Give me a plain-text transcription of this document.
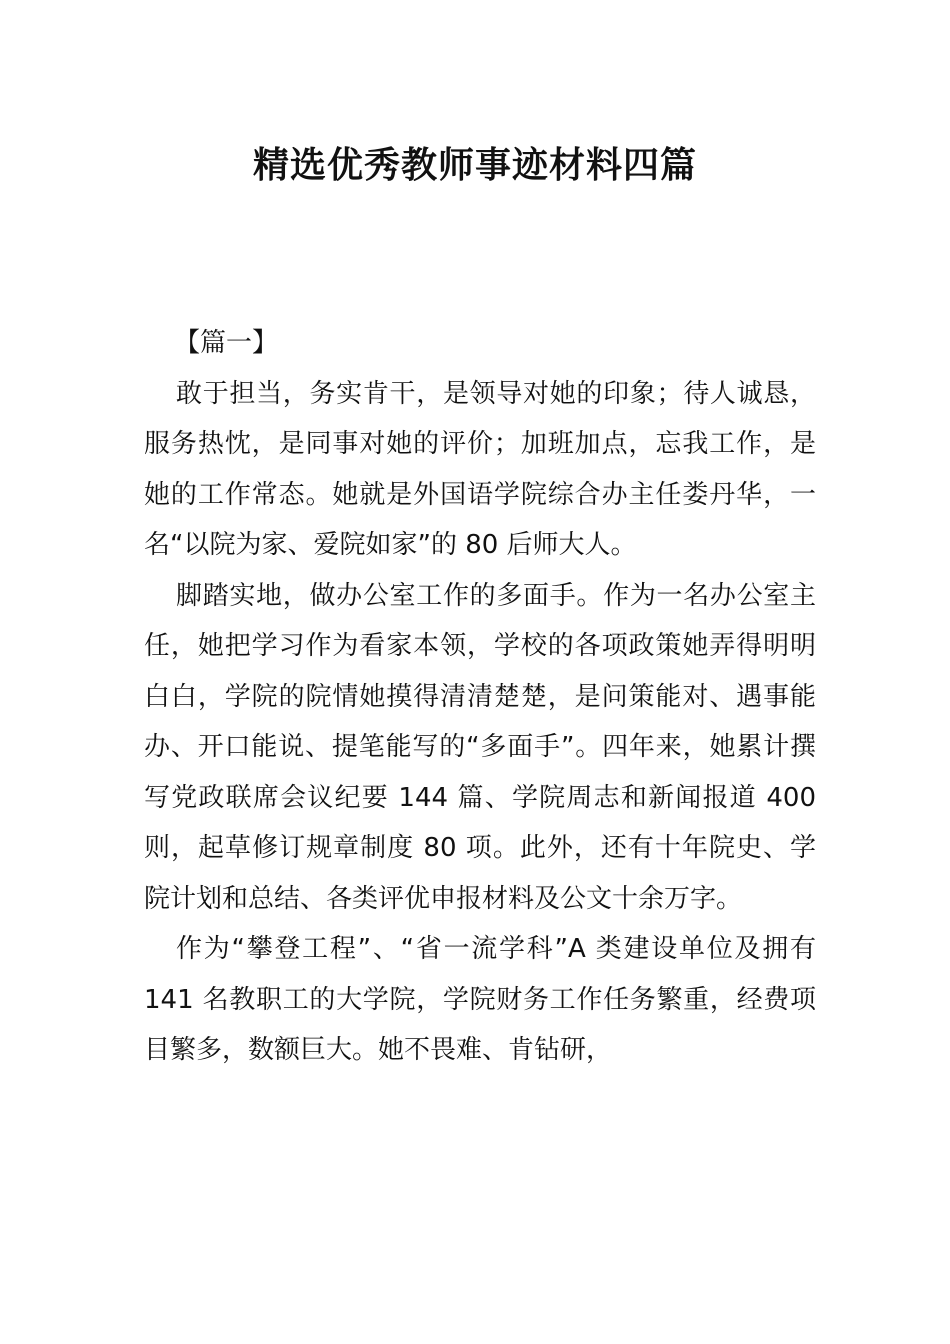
精选优秀教师事迹材料四篇

【篇一】

敢于担当，务实肯干，是领导对她的印象；待人诚恳，服务热忱，是同事对她的评价；加班加点，忘我工作，是她的工作常态。她就是外国语学院综合办主任娄丹华，一名“以院为家、爱院如家”的 80 后师大人。

脚踏实地，做办公室工作的多面手。作为一名办公室主任，她把学习作为看家本领，学校的各项政策她弄得明明白白，学院的院情她摸得清清楚楚，是问策能对、遇事能办、开口能说、提笔能写的“多面手”。四年来，她累计撰写党政联席会议纪要 144 篇、学院周志和新闻报道 400 则，起草修订规章制度 80 项。此外，还有十年院史、学院计划和总结、各类评优申报材料及公文十余万字。

作为“攀登工程”、“省一流学科”A 类建设单位及拥有 141 名教职工的大学院，学院财务工作任务繁重，经费项目繁多，数额巨大。她不畏难、肯钻研，
